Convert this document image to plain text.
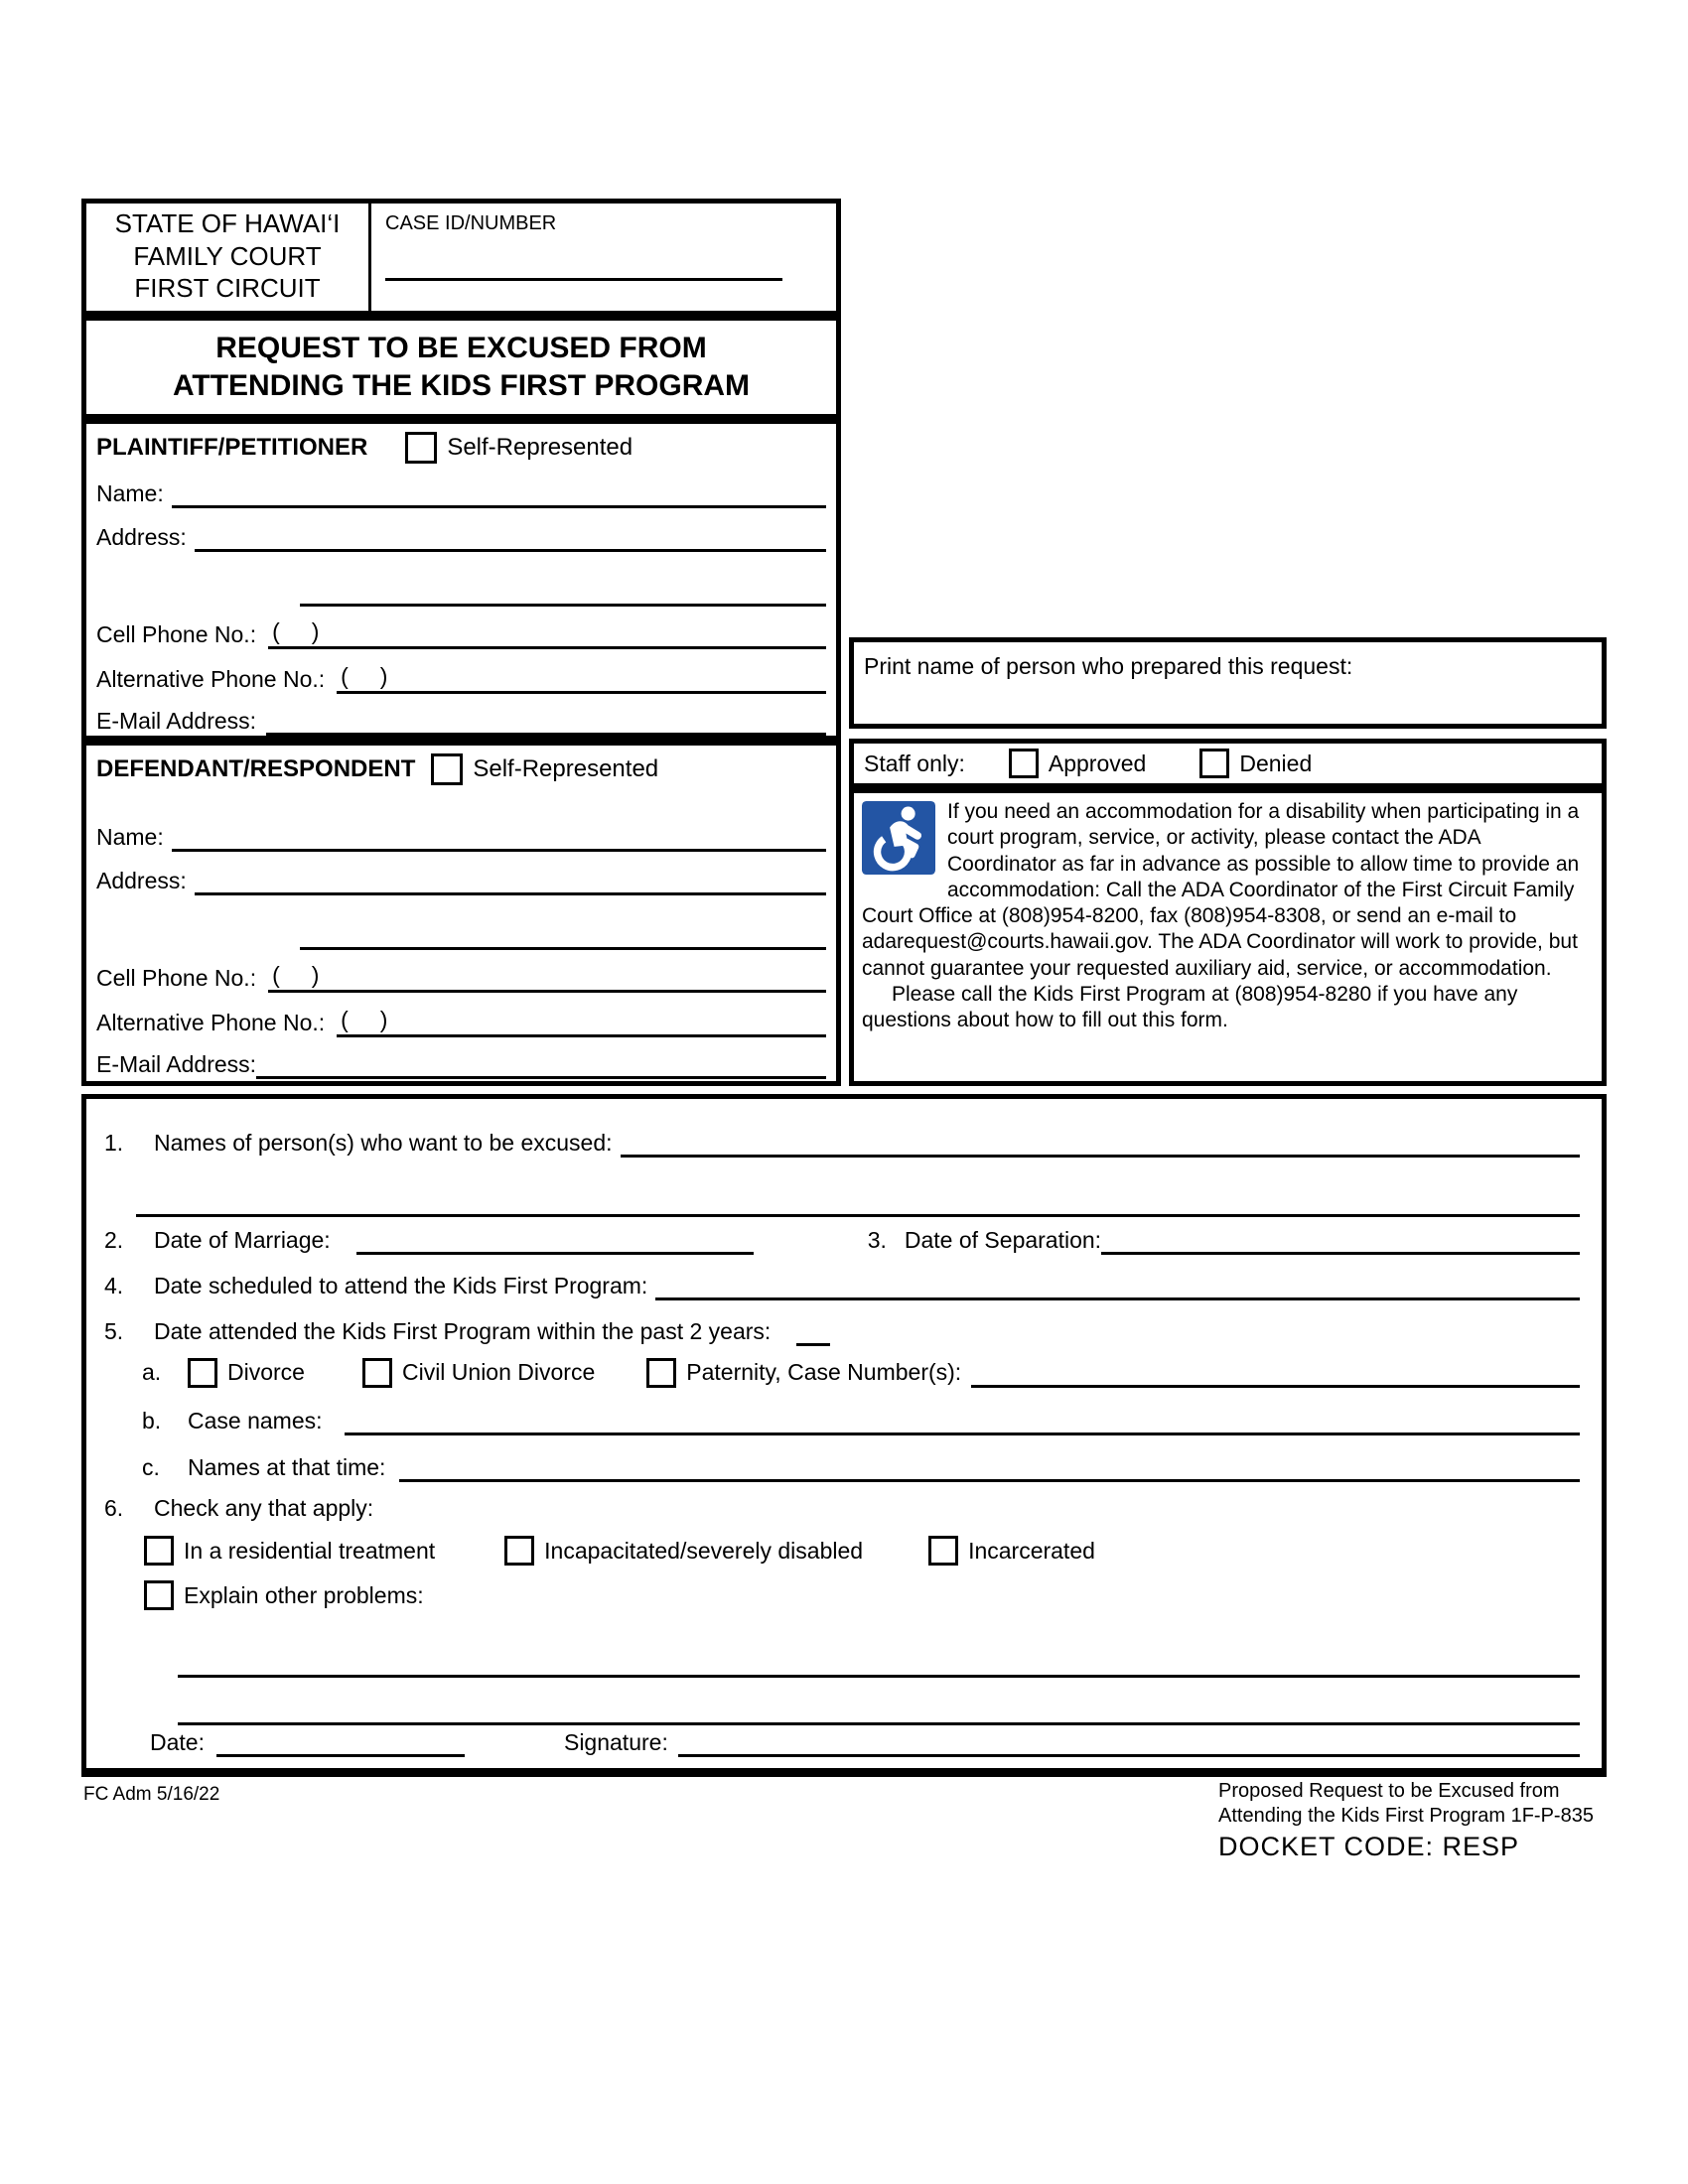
STATE OF HAWAI‘I
FAMILY COURT
FIRST CIRCUIT
CASE ID/NUMBER
REQUEST TO BE EXCUSED FROM
ATTENDING THE KIDS FIRST PROGRAM
PLAINTIFF/PETITIONER	Self-Represented
Name:
Address:
Cell Phone No.: (     )
Alternative Phone No.: (     )
E-Mail Address:
DEFENDANT/RESPONDENT Self-Represented
Name:
Address:
Cell Phone No.: (     )
Alternative Phone No.: (     )
E-Mail Address:
Print name of person who prepared this request:
Staff only:	Approved	Denied
If you need an accommodation for a disability when participating in a court program, service, or activity, please contact the ADA Coordinator as far in advance as possible to allow time to provide an accommodation: Call the ADA Coordinator of the First Circuit Family Court Office at (808)954-8200, fax (808)954-8308, or send an e-mail to adarequest@courts.hawaii.gov. The ADA Coordinator will work to provide, but cannot guarantee your requested auxiliary aid, service, or accommodation.
Please call the Kids First Program at (808)954-8280 if you have any questions about how to fill out this form.
1.	Names of person(s) who want to be excused:
2.	Date of Marriage:	3. Date of Separation:
4.	Date scheduled to attend the Kids First Program:
5.	Date attended the Kids First Program within the past 2 years:
a.	Divorce	Civil Union Divorce	Paternity, Case Number(s):
b.	Case names:
c.	Names at that time:
6.	Check any that apply:
In a residential treatment	Incapacitated/severely disabled	Incarcerated
Explain other problems:
Date:	Signature:
FC Adm 5/16/22	Proposed Request to be Excused from
Attending the Kids First Program 1F-P-835
DOCKET CODE: RESP
